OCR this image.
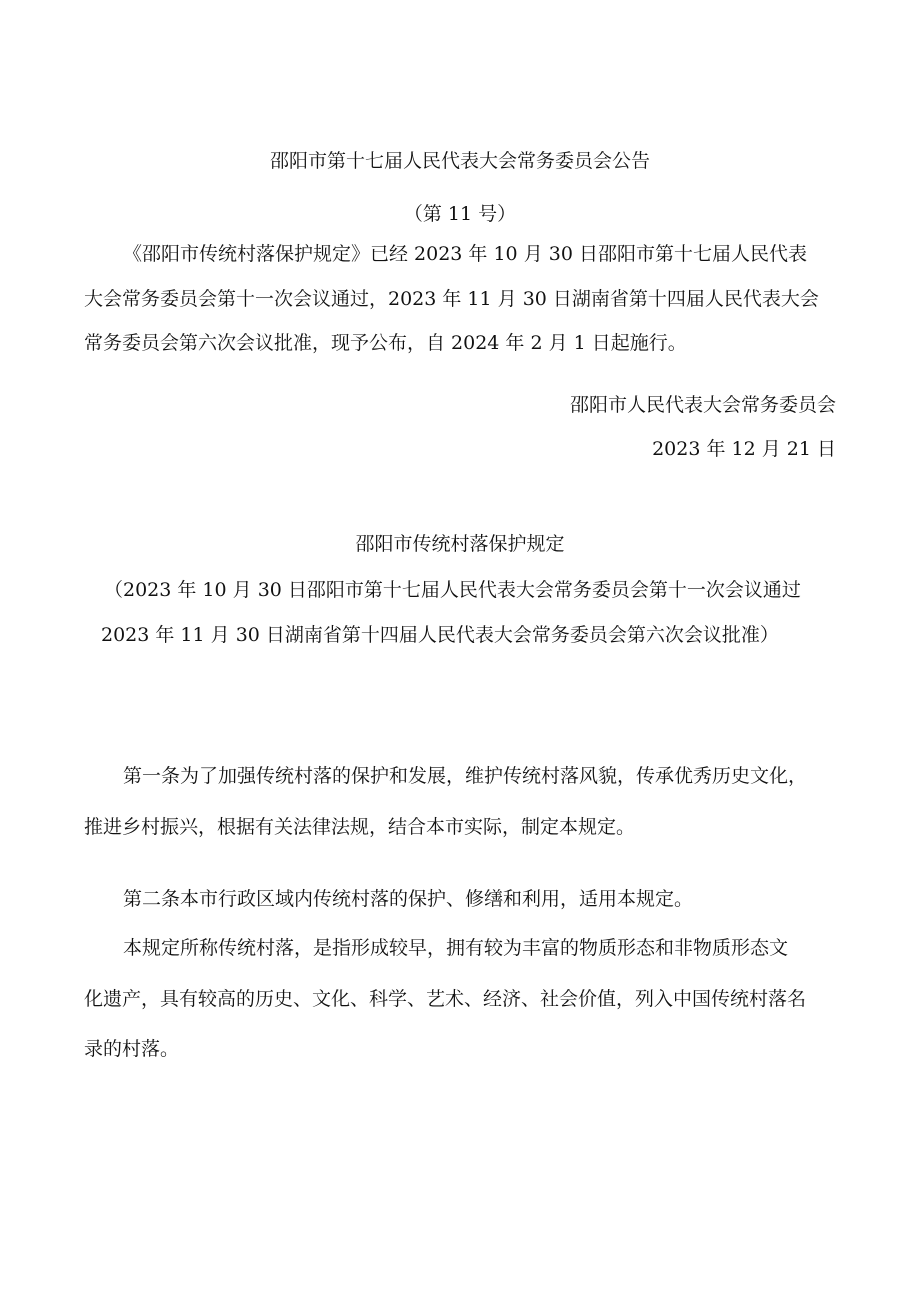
邵阳市第十七届人民代表大会常务委员会公告
（第 11 号）
《邵阳市传统村落保护规定》已经 2023 年 10 月 30 日邵阳市第十七届人民代表
大会常务委员会第十一次会议通过，2023 年 11 月 30 日湖南省第十四届人民代表大会
常务委员会第六次会议批准，现予公布，自 2024 年 2 月 1 日起施行。
邵阳市人民代表大会常务委员会
2023 年 12 月 21 日
邵阳市传统村落保护规定
（2023 年 10 月 30 日邵阳市第十七届人民代表大会常务委员会第十一次会议通过
2023 年 11 月 30 日湖南省第十四届人民代表大会常务委员会第六次会议批准）
第一条为了加强传统村落的保护和发展，维护传统村落风貌，传承优秀历史文化，
推进乡村振兴，根据有关法律法规，结合本市实际，制定本规定。
第二条本市行政区域内传统村落的保护、修缮和利用，适用本规定。
本规定所称传统村落，是指形成较早，拥有较为丰富的物质形态和非物质形态文
化遗产，具有较高的历史、文化、科学、艺术、经济、社会价值，列入中国传统村落名
录的村落。
